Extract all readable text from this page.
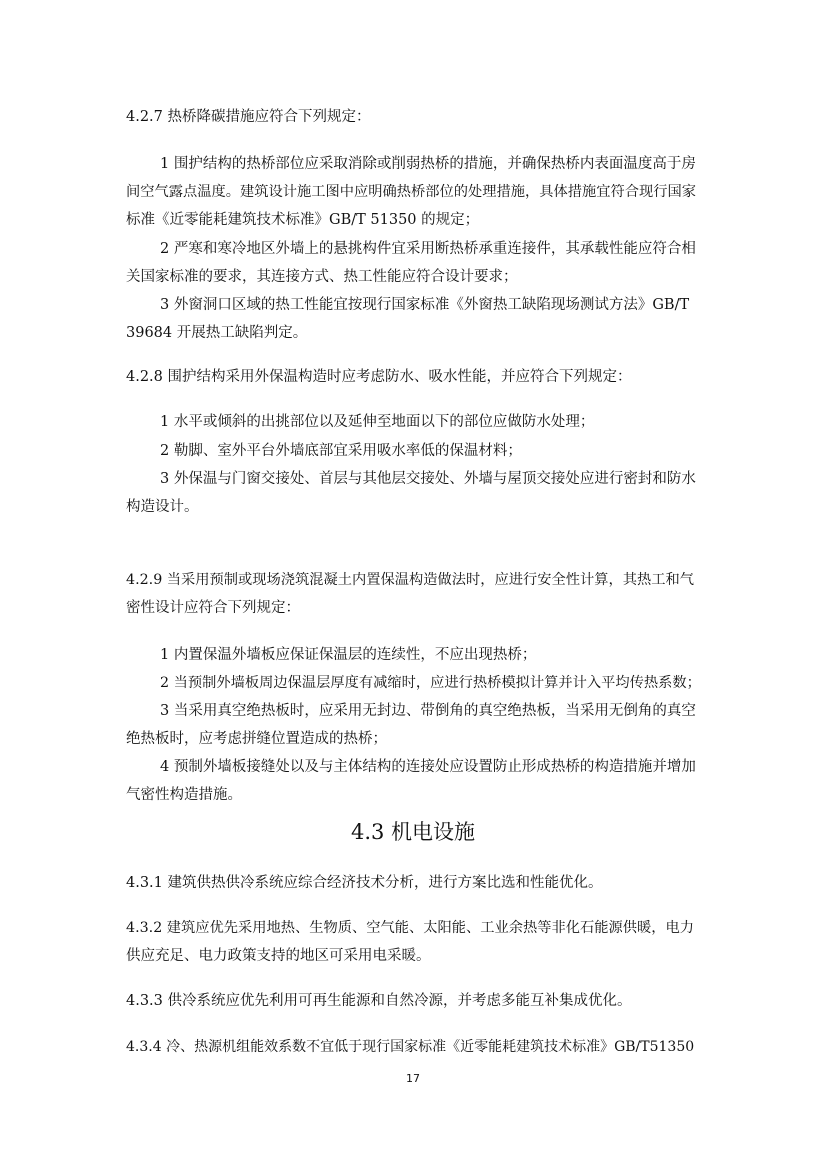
4.2.7 热桥降碳措施应符合下列规定：
1 围护结构的热桥部位应采取消除或削弱热桥的措施，并确保热桥内表面温度高于房
间空气露点温度。建筑设计施工图中应明确热桥部位的处理措施，具体措施宜符合现行国家
标准《近零能耗建筑技术标准》GB/T 51350 的规定；
2 严寒和寒冷地区外墙上的悬挑构件宜采用断热桥承重连接件，其承载性能应符合相
关国家标准的要求，其连接方式、热工性能应符合设计要求；
3 外窗洞口区域的热工性能宜按现行国家标准《外窗热工缺陷现场测试方法》GB/T
39684 开展热工缺陷判定。
4.2.8 围护结构采用外保温构造时应考虑防水、吸水性能，并应符合下列规定：
1 水平或倾斜的出挑部位以及延伸至地面以下的部位应做防水处理；
2 勒脚、室外平台外墙底部宜采用吸水率低的保温材料；
3 外保温与门窗交接处、首层与其他层交接处、外墙与屋顶交接处应进行密封和防水
构造设计。
4.2.9 当采用预制或现场浇筑混凝土内置保温构造做法时，应进行安全性计算，其热工和气
密性设计应符合下列规定：
1 内置保温外墙板应保证保温层的连续性，不应出现热桥；
2 当预制外墙板周边保温层厚度有减缩时，应进行热桥模拟计算并计入平均传热系数；
3 当采用真空绝热板时，应采用无封边、带倒角的真空绝热板，当采用无倒角的真空
绝热板时，应考虑拼缝位置造成的热桥；
4 预制外墙板接缝处以及与主体结构的连接处应设置防止形成热桥的构造措施并增加
气密性构造措施。
4.3 机电设施
4.3.1 建筑供热供冷系统应综合经济技术分析，进行方案比选和性能优化。
4.3.2 建筑应优先采用地热、生物质、空气能、太阳能、工业余热等非化石能源供暖，电力
供应充足、电力政策支持的地区可采用电采暖。
4.3.3 供冷系统应优先利用可再生能源和自然冷源，并考虑多能互补集成优化。
4.3.4 冷、热源机组能效系数不宜低于现行国家标准《近零能耗建筑技术标准》GB/T51350
17
